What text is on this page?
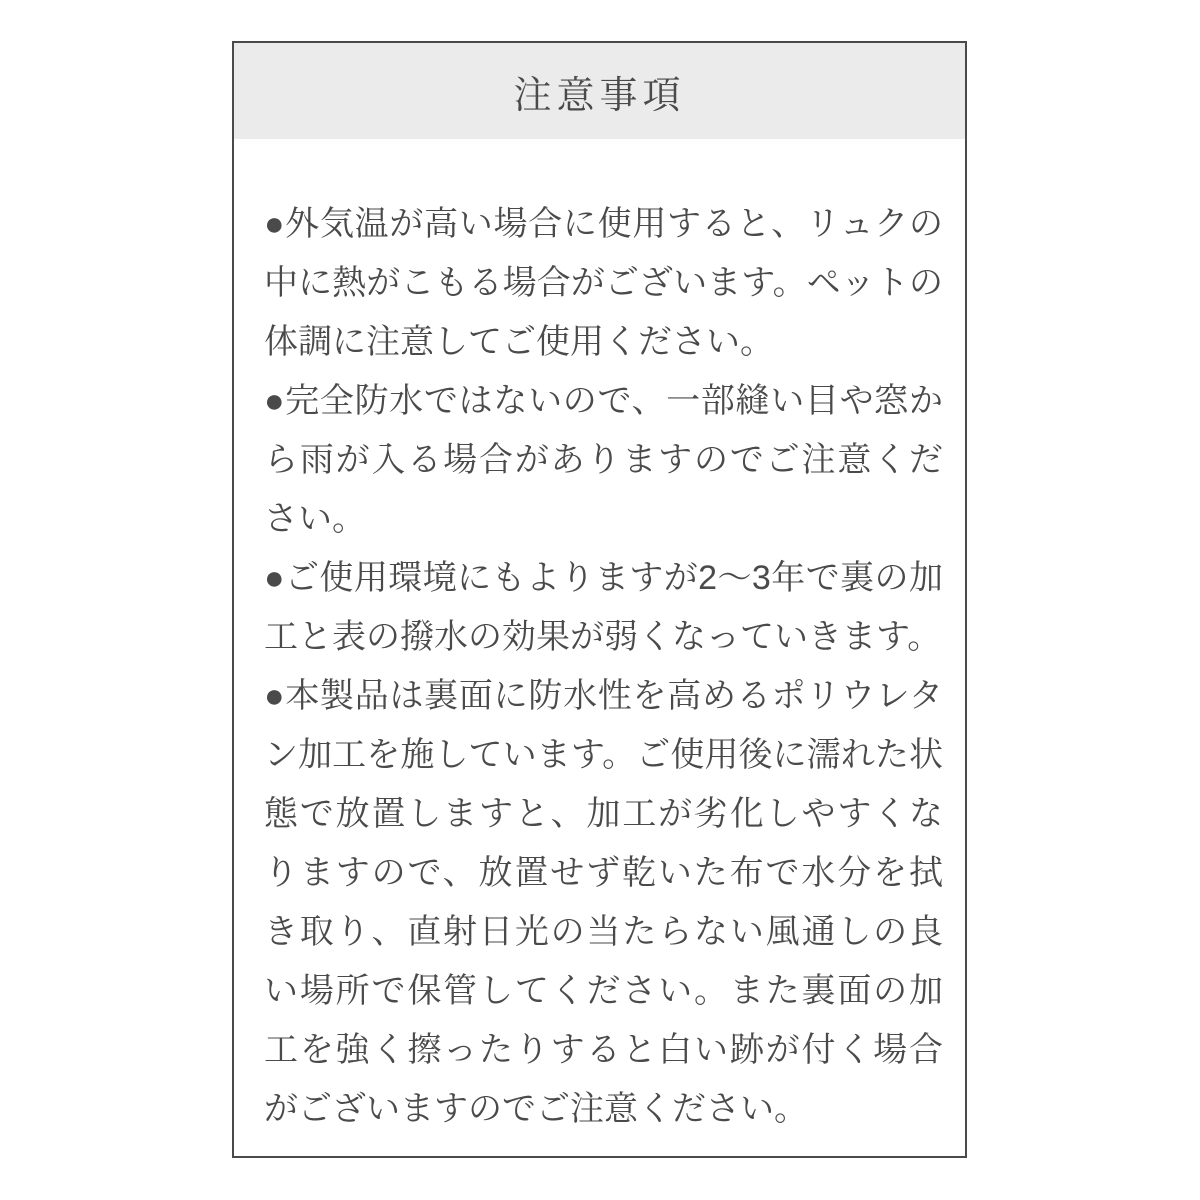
注意事項

●外気温が高い場合に使用すると、リュクの中に熱がこもる場合がございます。ペットの体調に注意してご使用ください。

●完全防水ではないので、一部縫い目や窓から雨が入る場合がありますのでご注意ください。

●ご使用環境にもよりますが2〜3年で裏の加工と表の撥水の効果が弱くなっていきます。

●本製品は裏面に防水性を高めるポリウレタン加工を施しています。ご使用後に濡れた状態で放置しますと、加工が劣化しやすくなりますので、放置せず乾いた布で水分を拭き取り、直射日光の当たらない風通しの良い場所で保管してください。また裏面の加工を強く擦ったりすると白い跡が付く場合がございますのでご注意ください。
